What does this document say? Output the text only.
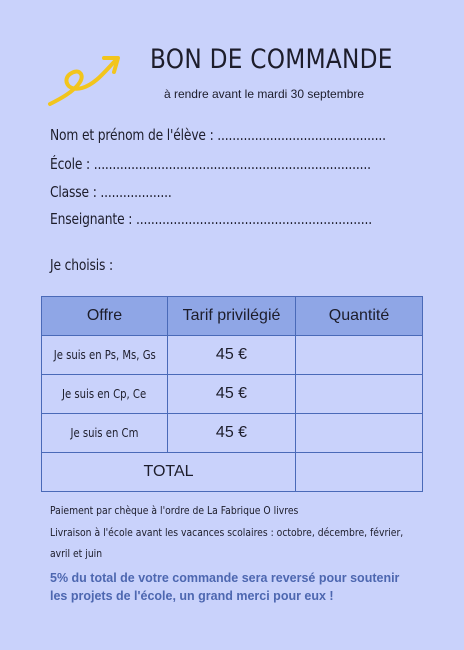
BON DE COMMANDE
à rendre avant le mardi 30 septembre
Nom et prénom de l'élève : .............................................
École : ..........................................................................
Classe : ...................
Enseignante : ...............................................................
Je choisis :
Offre	Tarif privilégié	Quantité
Je suis en Ps, Ms, Gs	45 €	
Je suis en Cp, Ce	45 €	
Je suis en Cm	45 €	
TOTAL		
Paiement par chèque à l'ordre de La Fabrique O livres
Livraison à l'école avant les vacances scolaires : octobre, décembre, février,
avril et juin
5% du total de votre commande sera reversé pour soutenir les projets de l'école, un grand merci pour eux !
